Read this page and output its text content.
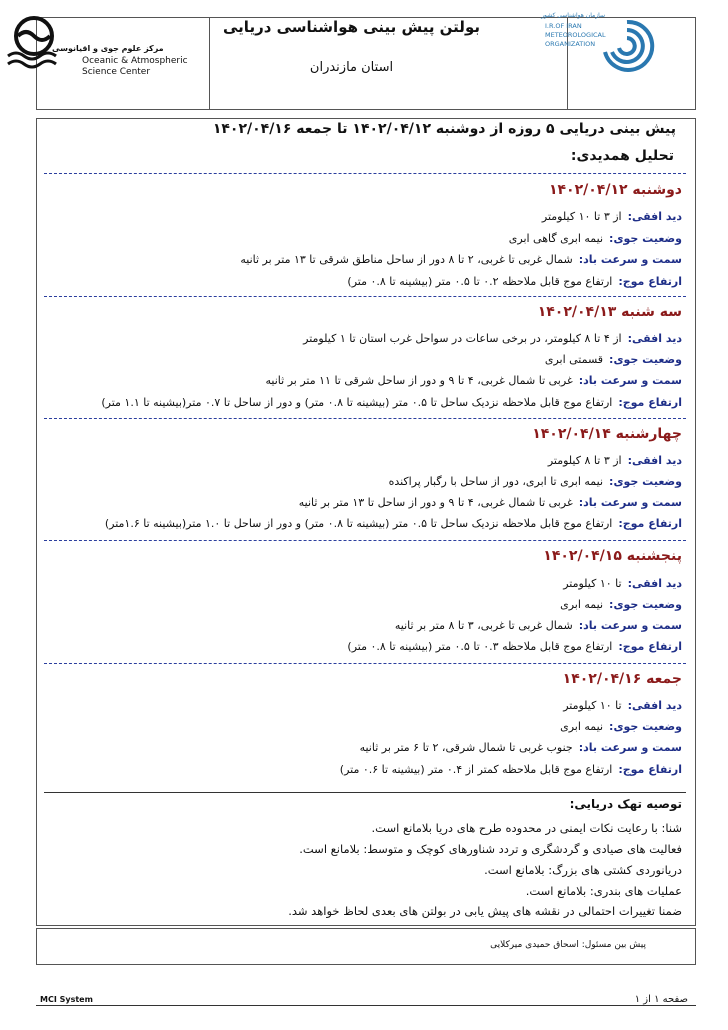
بولتن پیش بینی هواشناسی دریایی
استان مازندران
مرکز علوم جوی و اقیانوسی
Oceanic & Atmospheric
Science Center
سازمان هواشناسی کشور
I.R.OF IRAN
METEOROLOGICAL
ORGANIZATION
پیش بینی دریایی ۵ روزه از دوشنبه ۱۴۰۲/۰۴/۱۲ تا جمعه ۱۴۰۲/۰۴/۱۶
تحلیل همدیدی:
دوشنبه ۱۴۰۲/۰۴/۱۲
دید افقی:از ۳ تا ۱۰ کیلومتر
وضعیت جوی:نیمه ابری گاهی ابری
سمت و سرعت باد:شمال غربی تا غربی، ۲ تا ۸ دور از ساحل مناطق شرقی تا ۱۳ متر بر ثانیه
ارتفاع موج:ارتفاع موج قابل ملاحظه ۰.۲ تا ۰.۵ متر (بیشینه تا ۰.۸ متر)
سه شنبه ۱۴۰۲/۰۴/۱۳
دید افقی:از ۴ تا ۸ کیلومتر، در برخی ساعات در سواحل غرب استان تا ۱ کیلومتر
وضعیت جوی:قسمتی ابری
سمت و سرعت باد:غربی تا شمال غربی، ۴ تا ۹ و دور از ساحل شرقی تا ۱۱ متر بر ثانیه
ارتفاع موج:ارتفاع موج قابل ملاحظه نزدیک ساحل تا ۰.۵ متر (بیشینه تا ۰.۸ متر) و دور از ساحل تا ۰.۷ متر(بیشینه تا ۱.۱ متر)
چهارشنبه ۱۴۰۲/۰۴/۱۴
دید افقی:از ۳ تا ۸ کیلومتر
وضعیت جوی:نیمه ابری تا ابری، دور از ساحل با رگبار پراکنده
سمت و سرعت باد:غربی تا شمال غربی، ۴ تا ۹ و دور از ساحل تا ۱۳ متر بر ثانیه
ارتفاع موج:ارتفاع موج قابل ملاحظه نزدیک ساحل تا ۰.۵ متر (بیشینه تا ۰.۸ متر) و دور از ساحل تا ۱.۰ متر(بیشینه تا ۱.۶متر)
پنجشنبه ۱۴۰۲/۰۴/۱۵
دید افقی:تا ۱۰ کیلومتر
وضعیت جوی:نیمه ابری
سمت و سرعت باد:شمال غربی تا غربی، ۳ تا ۸ متر بر ثانیه
ارتفاع موج:ارتفاع موج قابل ملاحظه ۰.۳ تا ۰.۵ متر (بیشینه تا ۰.۸ متر)
جمعه ۱۴۰۲/۰۴/۱۶
دید افقی:تا ۱۰ کیلومتر
وضعیت جوی:نیمه ابری
سمت و سرعت باد:جنوب غربی تا شمال شرقی، ۲ تا ۶ متر بر ثانیه
ارتفاع موج:ارتفاع موج قابل ملاحظه کمتر از ۰.۴ متر (بیشینه تا ۰.۶ متر)
توصیه تهک دریایی:
شنا: با رعایت نکات ایمنی در محدوده طرح های دریا بلامانع است.
فعالیت های صیادی و گردشگری و تردد شناورهای کوچک و متوسط: بلامانع است.
دریانوردی کشتی های بزرگ: بلامانع است.
عملیات های بندری: بلامانع است.
ضمنا تغییرات احتمالی در نقشه های پیش یابی در بولتن های بعدی لحاظ خواهد شد.
پیش بین مسئول: اسحاق حمیدی میرکلایی
MCI System	صفحه ۱ از ۱
